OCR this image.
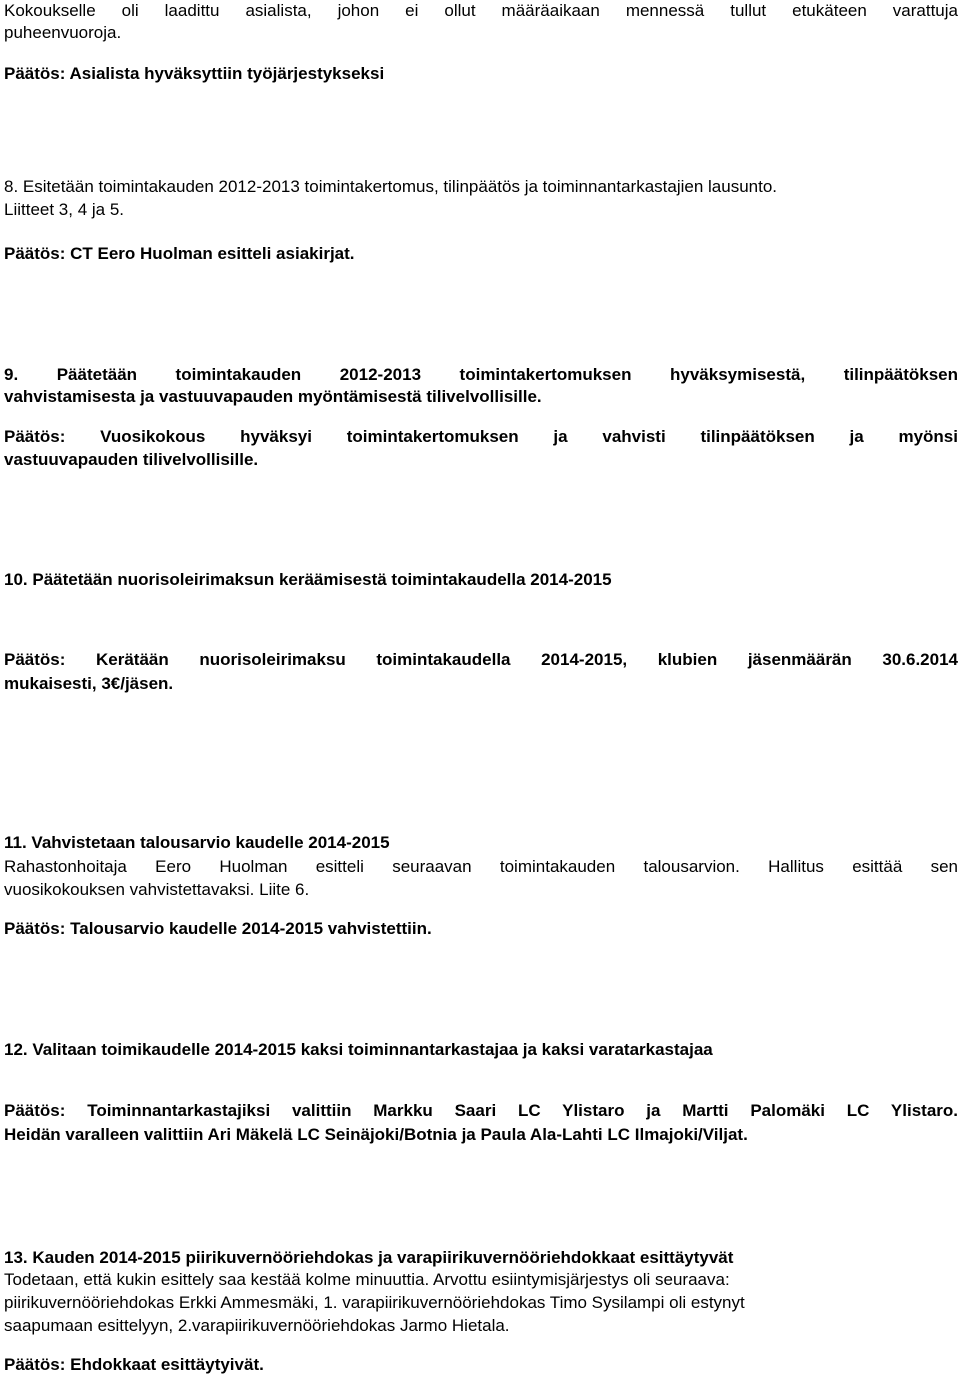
Kokoukselle oli laadittu asialista, johon ei ollut määräaikaan mennessä tullut etukäteen varattuja
puheenvuoroja.
Päätös: Asialista hyväksyttiin työjärjestykseksi
8. Esitetään toimintakauden 2012-2013 toimintakertomus, tilinpäätös ja toiminnantarkastajien lausunto.
Liitteet 3, 4 ja 5.
Päätös: CT Eero Huolman esitteli asiakirjat.
9. Päätetään toimintakauden 2012-2013 toimintakertomuksen hyväksymisestä, tilinpäätöksen
vahvistamisesta ja vastuuvapauden myöntämisestä tilivelvollisille.
Päätös: Vuosikokous hyväksyi toimintakertomuksen ja vahvisti tilinpäätöksen ja myönsi
vastuuvapauden tilivelvollisille.
10. Päätetään nuorisoleirimaksun keräämisestä toimintakaudella 2014-2015
Päätös: Kerätään nuorisoleirimaksu toimintakaudella 2014-2015, klubien jäsenmäärän 30.6.2014
mukaisesti, 3€/jäsen.
11. Vahvistetaan talousarvio kaudelle 2014-2015
Rahastonhoitaja Eero Huolman esitteli seuraavan toimintakauden talousarvion. Hallitus esittää sen
vuosikokouksen vahvistettavaksi. Liite 6.
Päätös: Talousarvio kaudelle 2014-2015 vahvistettiin.
12. Valitaan toimikaudelle 2014-2015 kaksi toiminnantarkastajaa ja kaksi varatarkastajaa
Päätös: Toiminnantarkastajiksi valittiin Markku Saari LC Ylistaro ja Martti Palomäki LC Ylistaro.
Heidän varalleen valittiin Ari Mäkelä LC Seinäjoki/Botnia ja Paula Ala-Lahti LC Ilmajoki/Viljat.
13. Kauden 2014-2015 piirikuvernööriehdokas ja varapiirikuvernööriehdokkaat esittäytyvät
Todetaan, että kukin esittely saa kestää kolme minuuttia. Arvottu esiintymisjärjestys oli seuraava:
piirikuvernööriehdokas Erkki Ammesmäki, 1. varapiirikuvernööriehdokas Timo Sysilampi oli estynyt
saapumaan esittelyyn, 2.varapiirikuvernööriehdokas Jarmo Hietala.
Päätös: Ehdokkaat esittäytyivät.
